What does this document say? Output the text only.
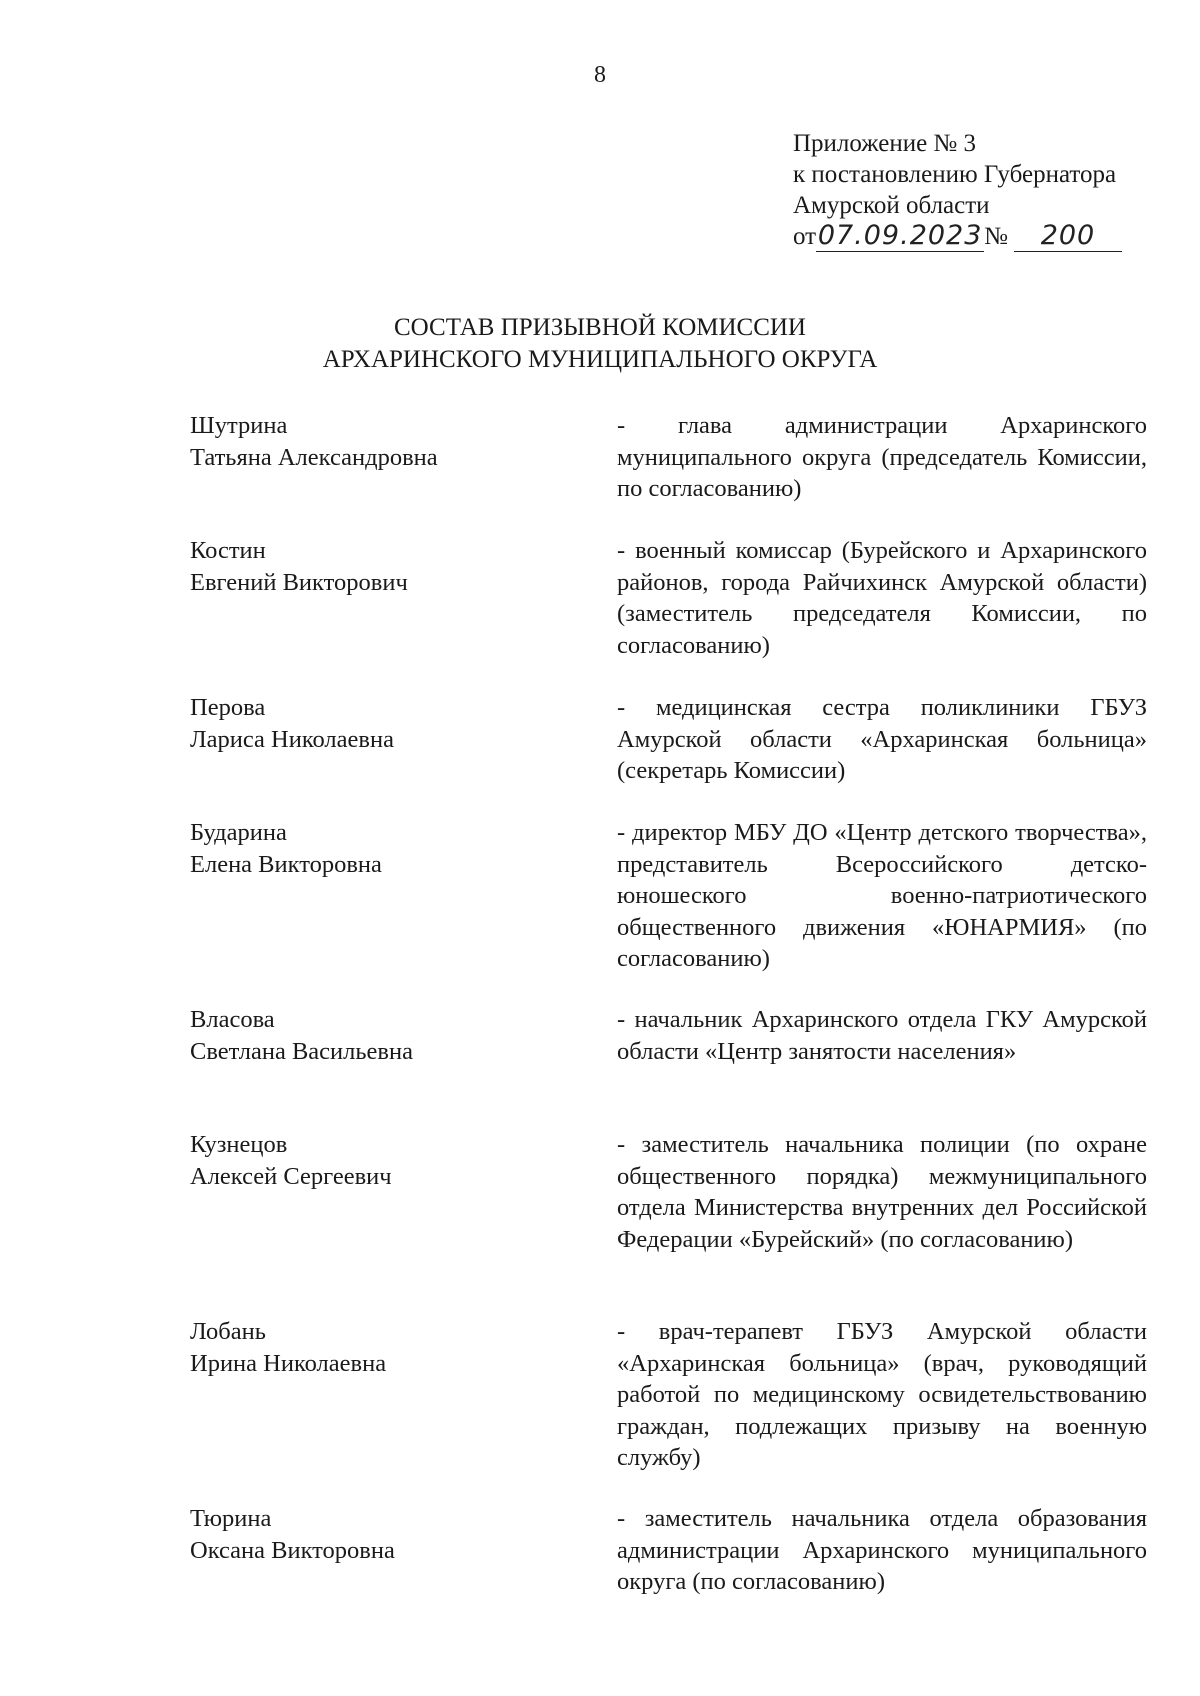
8
Приложение № 3
к постановлению Губернатора
Амурской области
от 07.09.2023 №	200
СОСТАВ ПРИЗЫВНОЙ КОМИССИИ
АРХАРИНСКОГО МУНИЦИПАЛЬНОГО ОКРУГА
Шутрина
Татьяна Александровна
- глава администрации Архаринского муниципального округа (председатель Комиссии, по согласованию)
Костин
Евгений Викторович
- военный комиссар (Бурейского и Архаринского районов, города Райчихинск Амурской области) (заместитель председателя Комиссии, по согласованию)
Перова
Лариса Николаевна
- медицинская сестра поликлиники ГБУЗ Амурской области «Архаринская больница» (секретарь Комиссии)
Бударина
Елена Викторовна
- директор МБУ ДО «Центр детского творчества», представитель Всероссийского детско-юношеского военно-патриотического общественного движения «ЮНАРМИЯ» (по согласованию)
Власова
Светлана Васильевна
- начальник Архаринского отдела ГКУ Амурской области «Центр занятости населения»
Кузнецов
Алексей Сергеевич
- заместитель начальника полиции (по охране общественного порядка) межмуниципального отдела Министерства внутренних дел Российской Федерации «Бурейский» (по согласованию)
Лобань
Ирина Николаевна
- врач-терапевт ГБУЗ Амурской области «Архаринская больница» (врач, руководящий работой по медицинскому освидетельствованию граждан, подлежащих призыву на военную службу)
Тюрина
Оксана Викторовна
- заместитель начальника отдела образования администрации Архаринского муниципального округа (по согласованию)
